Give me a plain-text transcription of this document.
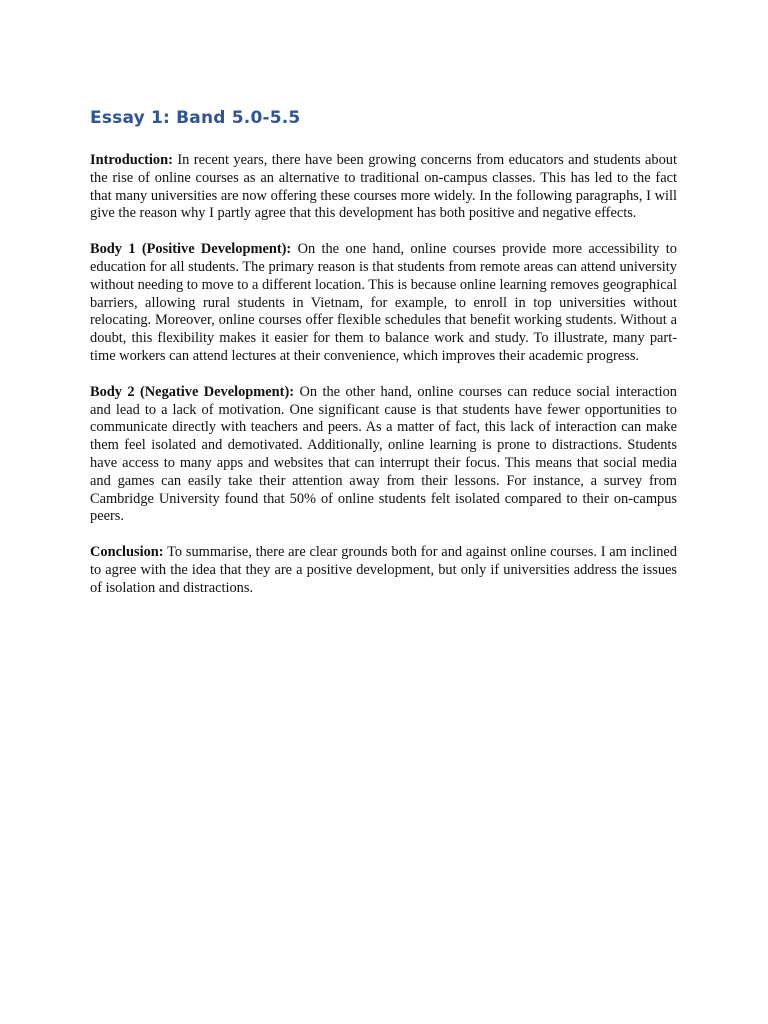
Essay 1: Band 5.0-5.5

Introduction: In recent years, there have been growing concerns from educators and students about the rise of online courses as an alternative to traditional on-campus classes. This has led to the fact that many universities are now offering these courses more widely. In the following paragraphs, I will give the reason why I partly agree that this development has both positive and negative effects.

Body 1 (Positive Development): On the one hand, online courses provide more accessibility to education for all students. The primary reason is that students from remote areas can attend university without needing to move to a different location. This is because online learning removes geographical barriers, allowing rural students in Vietnam, for example, to enroll in top universities without relocating. Moreover, online courses offer flexible schedules that benefit working students. Without a doubt, this flexibility makes it easier for them to balance work and study. To illustrate, many part-time workers can attend lectures at their convenience, which improves their academic progress.

Body 2 (Negative Development): On the other hand, online courses can reduce social interaction and lead to a lack of motivation. One significant cause is that students have fewer opportunities to communicate directly with teachers and peers. As a matter of fact, this lack of interaction can make them feel isolated and demotivated. Additionally, online learning is prone to distractions. Students have access to many apps and websites that can interrupt their focus. This means that social media and games can easily take their attention away from their lessons. For instance, a survey from Cambridge University found that 50% of online students felt isolated compared to their on-campus peers.

Conclusion: To summarise, there are clear grounds both for and against online courses. I am inclined to agree with the idea that they are a positive development, but only if universities address the issues of isolation and distractions.
